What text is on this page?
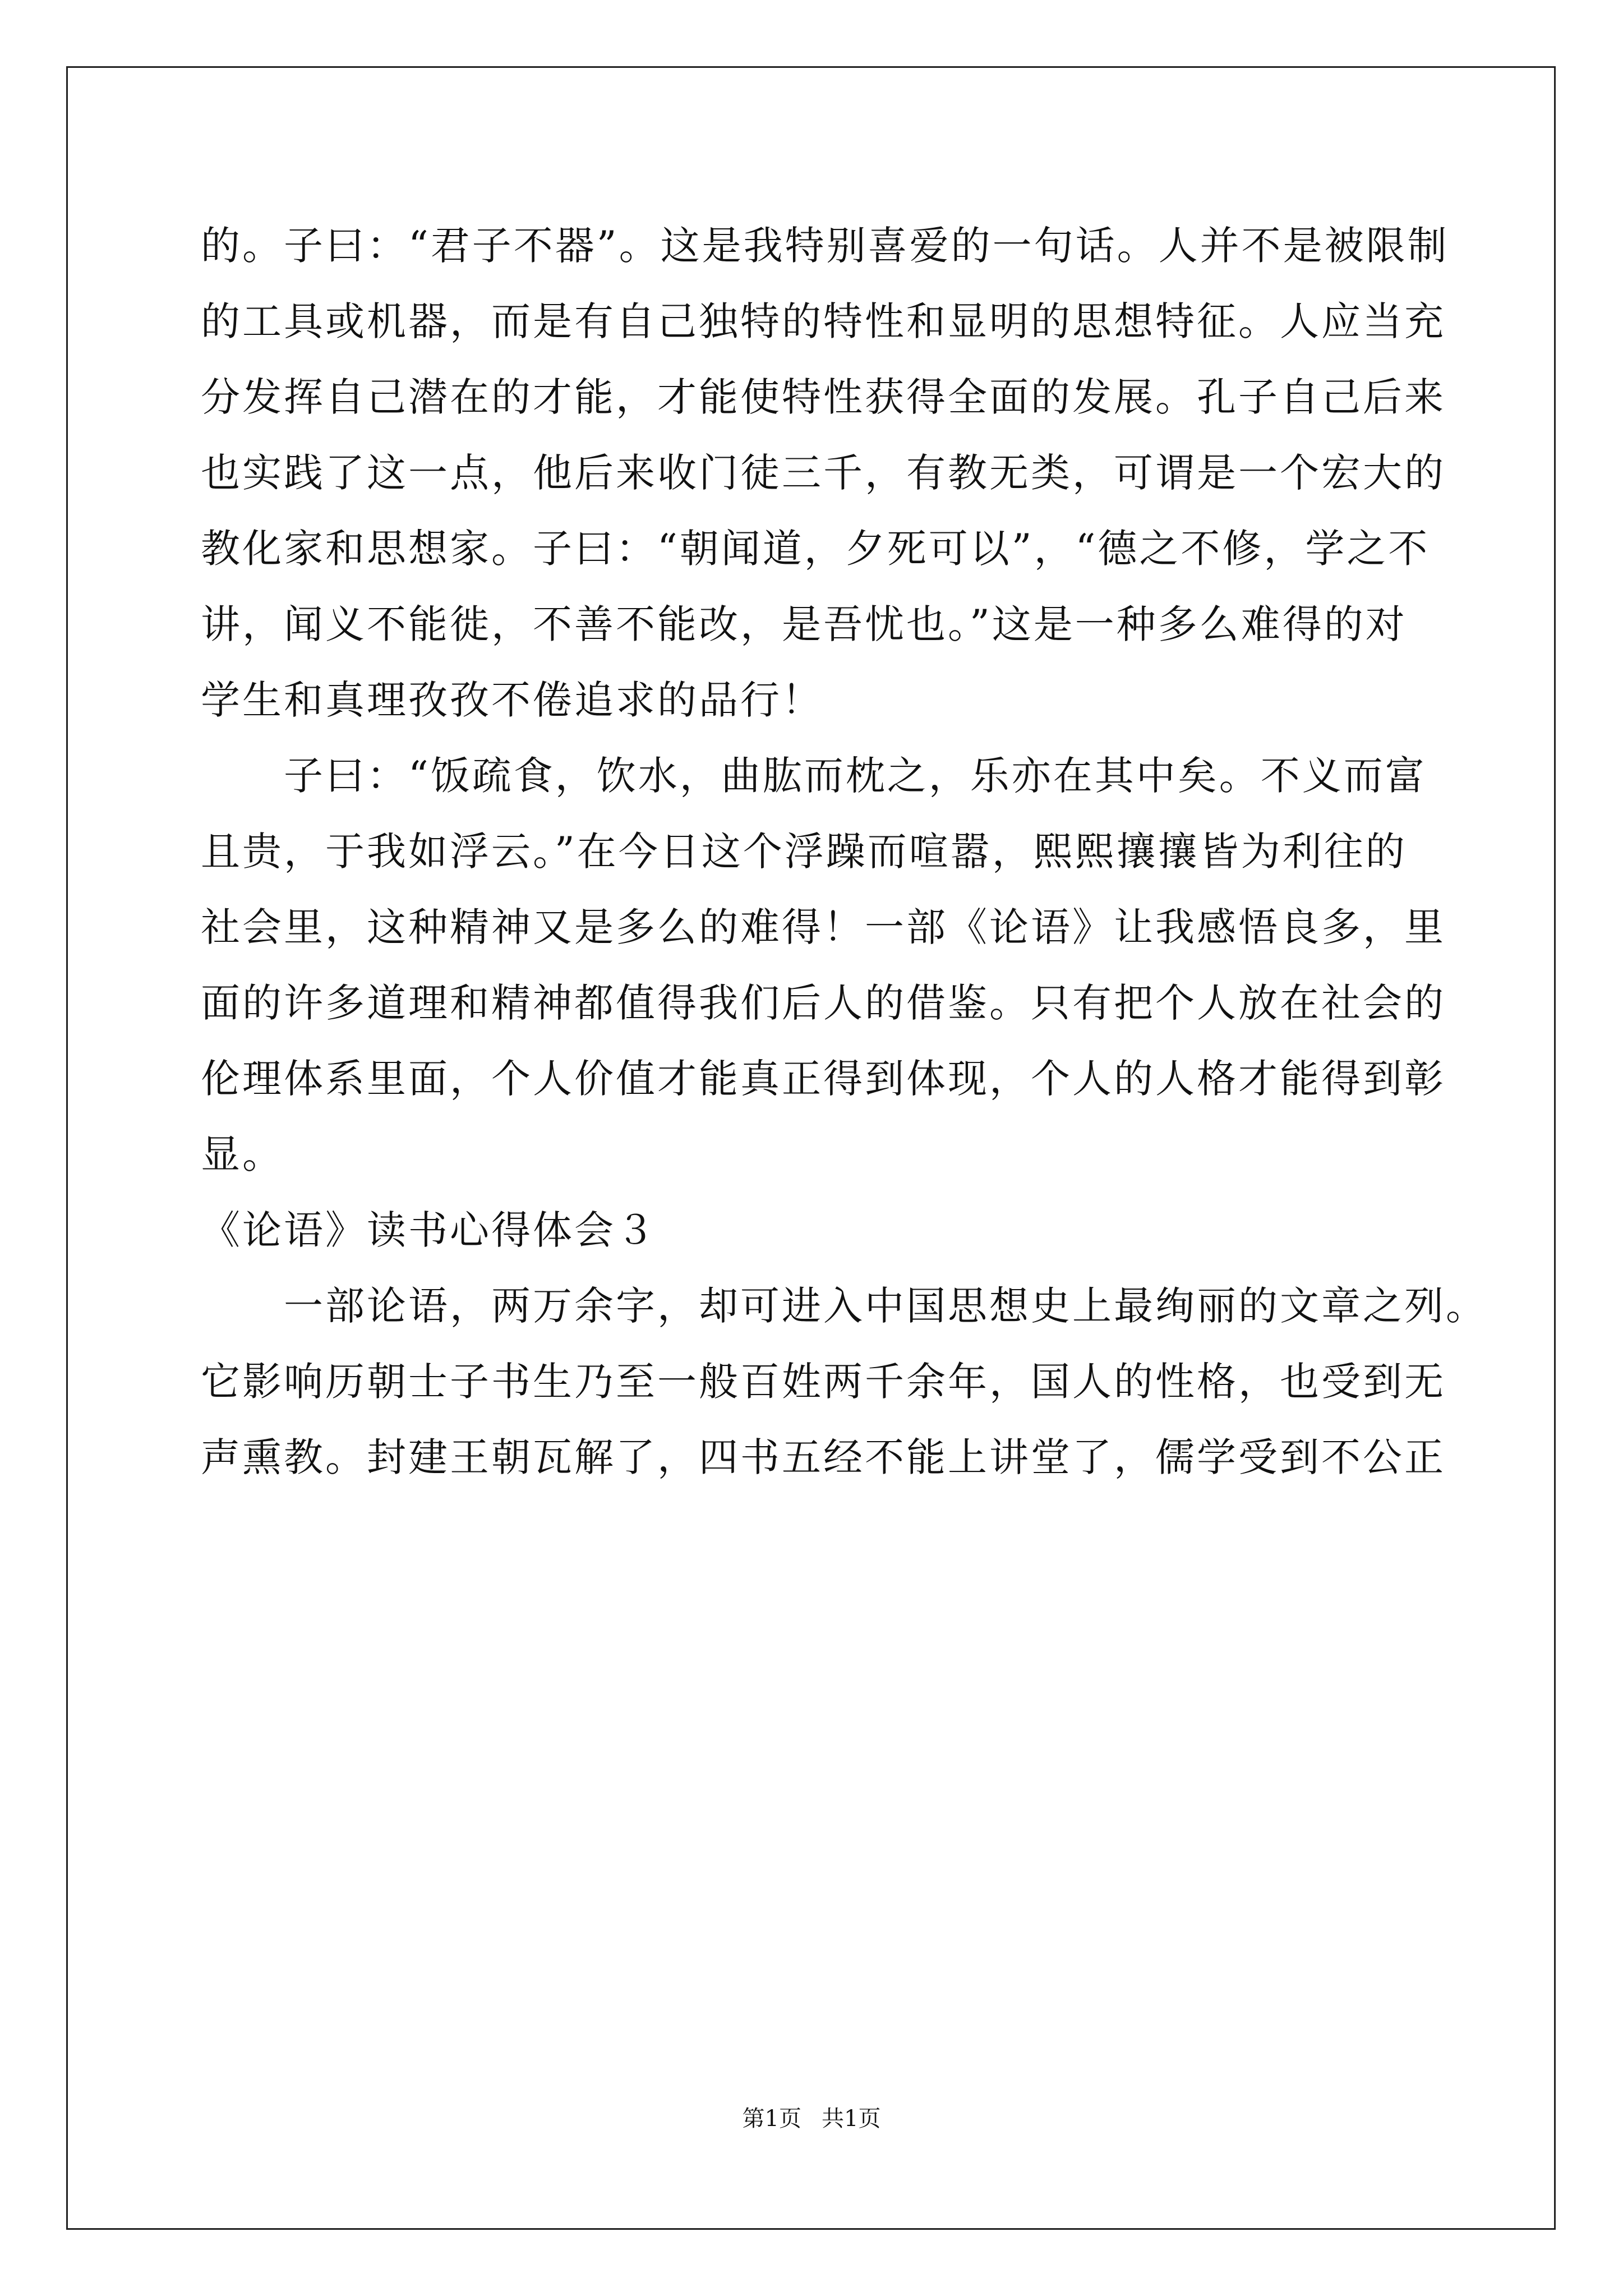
的。子曰：“君子不器”。这是我特别喜爱的一句话。人并不是被限制
的工具或机器，而是有自己独特的特性和显明的思想特征。人应当充
分发挥自己潜在的才能，才能使特性获得全面的发展。孔子自己后来
也实践了这一点，他后来收门徒三千，有教无类，可谓是一个宏大的
教化家和思想家。子曰：“朝闻道，夕死可以”，“德之不修，学之不
讲，闻义不能徙，不善不能改，是吾忧也。”这是一种多么难得的对
学生和真理孜孜不倦追求的品行！
　　子曰：“饭疏食，饮水，曲肱而枕之，乐亦在其中矣。不义而富
且贵，于我如浮云。”在今日这个浮躁而喧嚣，熙熙攘攘皆为利往的
社会里，这种精神又是多么的难得！一部《论语》让我感悟良多，里
面的许多道理和精神都值得我们后人的借鉴。只有把个人放在社会的
伦理体系里面，个人价值才能真正得到体现，个人的人格才能得到彰
显。
《论语》读书心得体会３
　　一部论语，两万余字，却可进入中国思想史上最绚丽的文章之列。
它影响历朝士子书生乃至一般百姓两千余年，国人的性格，也受到无
声熏教。封建王朝瓦解了，四书五经不能上讲堂了，儒学受到不公正
第1页 共1页
